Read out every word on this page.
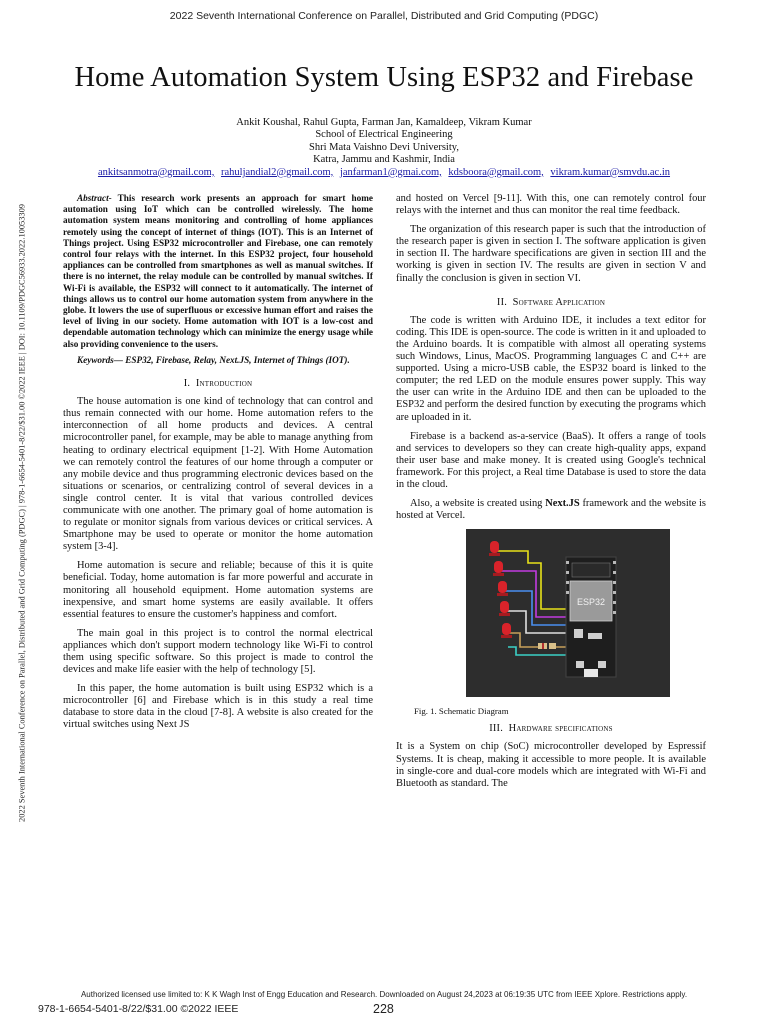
2022 Seventh International Conference on Parallel, Distributed and Grid Computing (PDGC)
2022 Seventh International Conference on Parallel, Distributed and Grid Computing (PDGC) | 978-1-6654-5401-8/22/$31.00 ©2022 IEEE | DOI: 10.1109/PDGC56933.2022.10053309
Home Automation System Using ESP32 and Firebase
Ankit Koushal, Rahul Gupta, Farman Jan, Kamaldeep, Vikram Kumar
School of Electrical Engineering
Shri Mata Vaishno Devi University,
Katra, Jammu and Kashmir, India
ankitsanmotra@gmail.com, rahuljandial2@gmail.com, janfarman1@gmai.com, kdsboora@gmail.com, vikram.kumar@smvdu.ac.in
Abstract- This research work presents an approach for smart home automation using IoT which can be controlled wirelessly. The home automation system means monitoring and controlling of home appliances remotely using the concept of internet of things (IOT). This is an Internet of Things project. Using ESP32 microcontroller and Firebase, one can remotely control four relays with the internet. In this ESP32 project, four household appliances can be controlled from smartphones as well as manual switches. If there is no internet, the relay module can be controlled by manual switches. If Wi-Fi is available, the ESP32 will connect to it automatically. The internet of things allows us to control our home automation system from anywhere in the globe. It lowers the use of superfluous or excessive human effort and raises the level of living in our society. Home automation with IOT is a low-cost and dependable automation technology which can minimize the energy usage while also providing convenience to the users.
Keywords— ESP32, Firebase, Relay, Next.JS, Internet of Things (IOT).
I. Introduction

The house automation is one kind of technology that can control and thus remain connected with our home. Home automation refers to the interconnection of all home products and devices. A central microcontroller panel, for example, may be able to manage anything from heating to ordinary electrical equipment [1-2]. With Home Automation we can remotely control the features of our home through a computer or any mobile device and thus programming electronic devices based on the situations or scenarios, or centralizing control of several devices in a single control center. It is vital that various controlled devices communicate with one another. The primary goal of home automation is to regulate or monitor signals from various devices or critical services. A Smartphone may be used to operate or monitor the home automation system [3-4].

Home automation is secure and reliable; because of this it is quite beneficial. Today, home automation is far more powerful and accurate in monitoring all household equipment. Home automation systems are inexpensive, and smart home systems are easily available. It offers essential features to ensure the customer's happiness and comfort.

The main goal in this project is to control the normal electrical appliances which don't support modern technology like Wi-Fi to control them using specific software. So this project is made to control the devices and make life easier with the help of technology [5].

In this paper, the home automation is built using ESP32 which is a microcontroller [6] and Firebase which is in this study a real time database to store data in the cloud [7-8]. A website is also created for the virtual switches using Next JS

and hosted on Vercel [9-11]. With this, one can remotely control four relays with the internet and thus can monitor the real time feedback.

The organization of this research paper is such that the introduction of the research paper is given in section I. The software application is given in section II. The hardware specifications are given in section III and the working is given in section IV. The results are given in section V and finally the conclusion is given in section VI.

II. Software Application

The code is written with Arduino IDE, it includes a text editor for coding. This IDE is open-source. The code is written in it and uploaded to the Arduino boards. It is compatible with almost all operating systems such Windows, Linus, MacOS. Programming languages C and C++ are supported. Using a micro-USB cable, the ESP32 board is linked to the computer; the red LED on the module ensures power supply. This way the user can write in the Arduino IDE and then can be uploaded to the ESP32 and perform the desired function by executing the programs which are uploaded in it.

Firebase is a backend as-a-service (BaaS). It offers a range of tools and services to developers so they can create high-quality apps, expand their user base and make money. It is created using Google's technical framework. For this project, a Real time Database is used to store the data in the cloud.

Also, a website is created using Next.JS framework and the website is hosted at Vercel.

ESP32
Fig. 1. Schematic Diagram
III. Hardware specifications

It is a System on chip (SoC) microcontroller developed by Espressif Systems. It is cheap, making it accessible to more people. It is available in single-core and dual-core models which are integrated with Wi-Fi and Bluetooth as standard. The

Authorized licensed use limited to: K K Wagh Inst of Engg Education and Research. Downloaded on August 24,2023 at 06:19:35 UTC from IEEE Xplore. Restrictions apply.
978-1-6654-5401-8/22/$31.00 ©2022 IEEE	228
